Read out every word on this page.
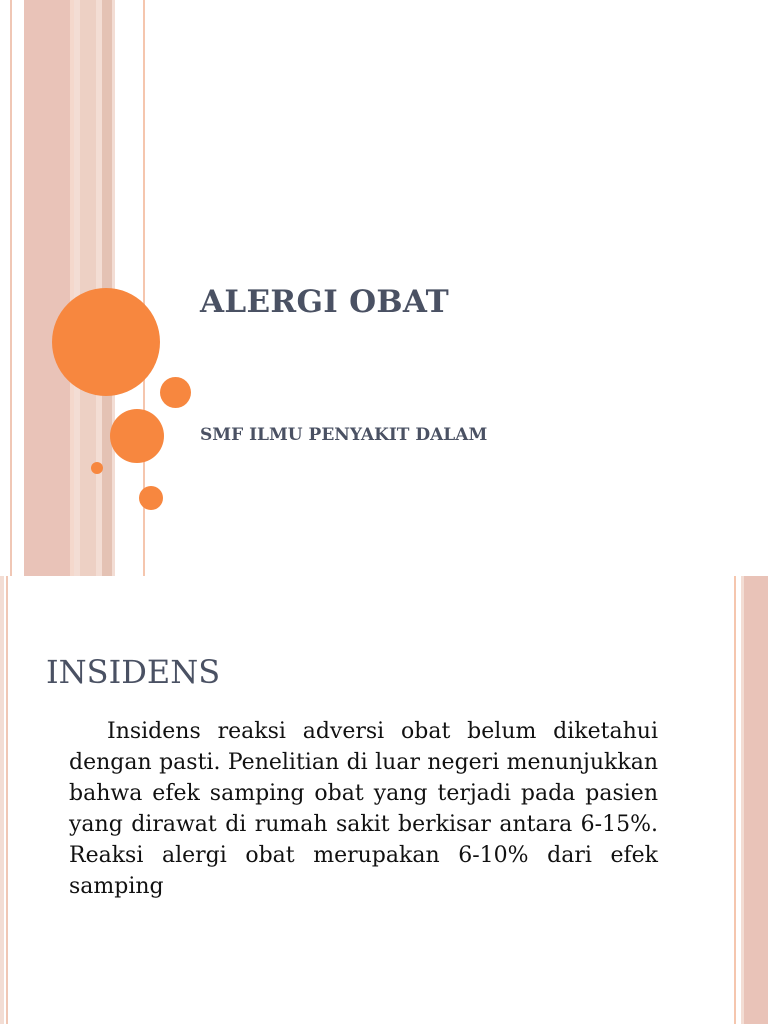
ALERGI OBAT
SMF ILMU PENYAKIT DALAM
INSIDENS

Insidens reaksi adversi obat belum diketahui dengan pasti. Penelitian di luar negeri menunjukkan bahwa efek samping obat yang terjadi pada pasien yang dirawat di rumah sakit berkisar antara 6-15%. Reaksi alergi obat merupakan 6-10% dari efek samping
